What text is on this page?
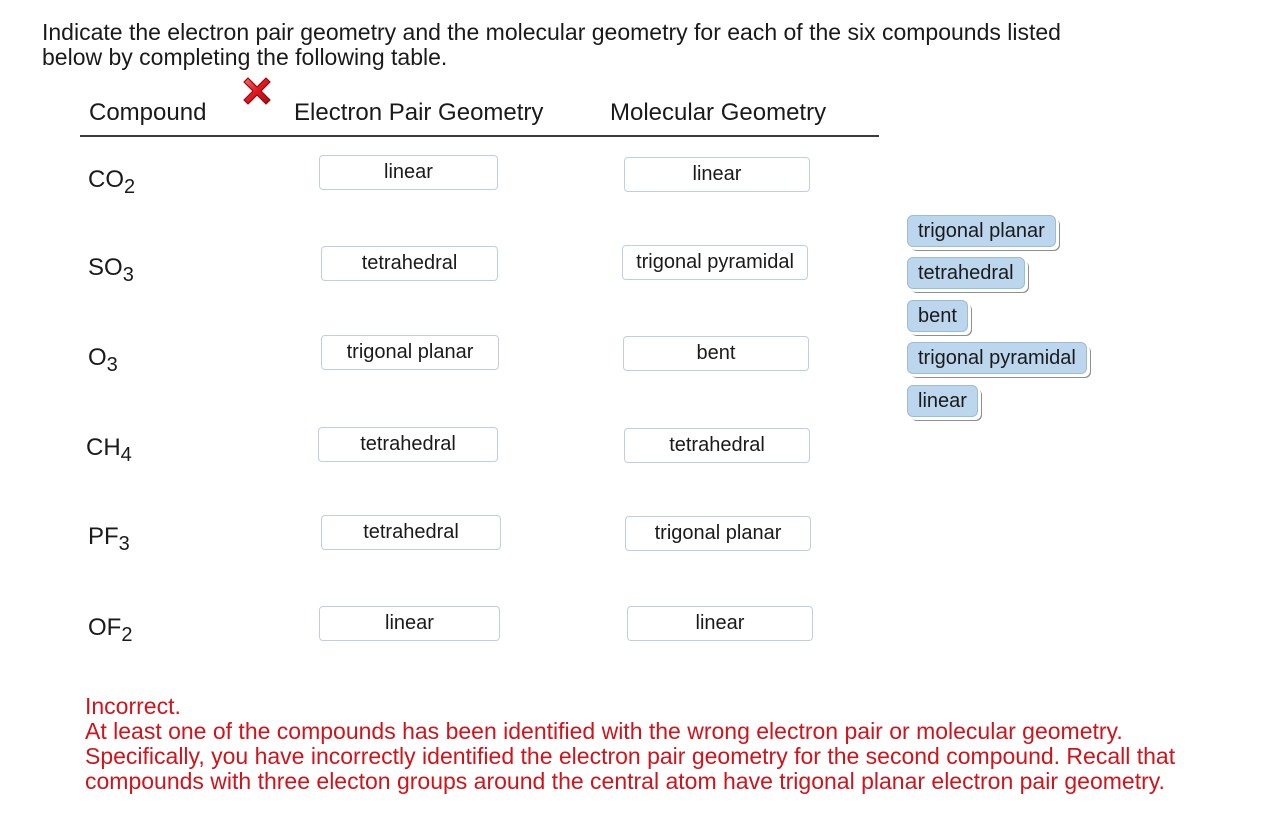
Indicate the electron pair geometry and the molecular geometry for each of the six compounds listed
below by completing the following table.
Compound	Electron Pair Geometry	Molecular Geometry
$CO_2$
linear	linear
$SO_3$
tetrahedral	trigonal pyramidal
$O_3$
trigonal planar	bent
$CH_4$	tetrahedral	tetrahedral
$PF_3$
tetrahedral	trigonal planar
$OF_2$
linear	linear
trigonal planar
tetrahedral
bent
trigonal pyramidal
linear
Incorrect.
At least one of the compounds has been identified with the wrong electron pair or molecular geometry.
Specifically, you have incorrectly identified the electron pair geometry for the second compound. Recall that
compounds with three electon groups around the central atom have trigonal planar electron pair geometry.
